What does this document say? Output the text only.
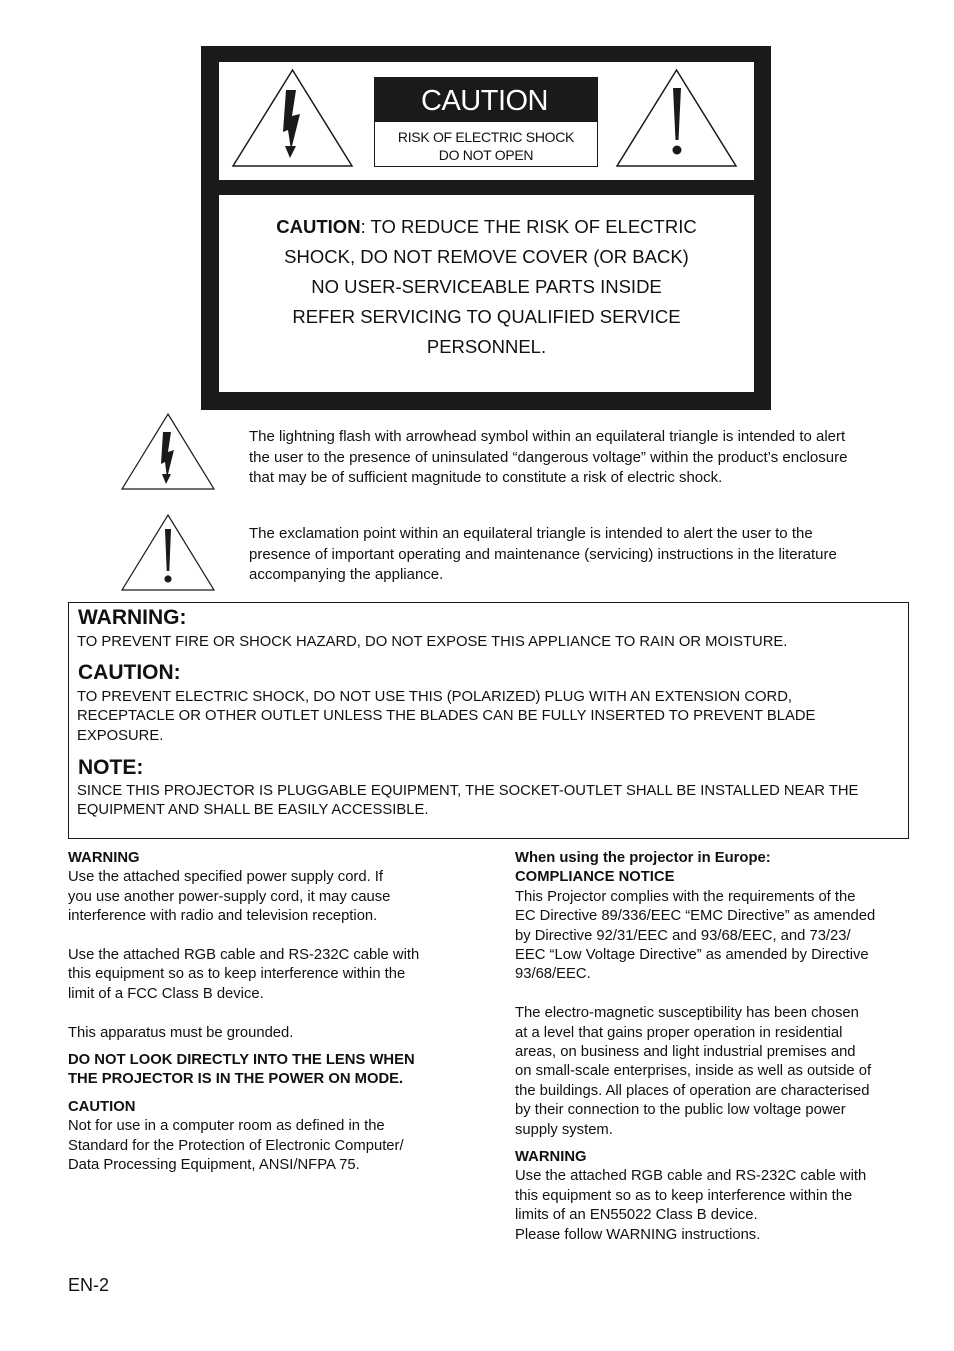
CAUTION
RISK OF ELECTRIC SHOCK
DO NOT OPEN
CAUTION: TO REDUCE THE RISK OF ELECTRIC
SHOCK, DO NOT REMOVE COVER (OR BACK)
NO USER-SERVICEABLE PARTS INSIDE
REFER SERVICING TO QUALIFIED SERVICE
PERSONNEL.
The lightning flash with arrowhead symbol within an equilateral triangle is intended to alert
the user to the presence of uninsulated “dangerous voltage” within the product’s enclosure
that may be of sufficient magnitude to constitute a risk of electric shock.
The exclamation point within an equilateral triangle is intended to alert the user to the
presence of important operating and maintenance (servicing) instructions in the literature
accompanying the appliance.
WARNING:
TO PREVENT FIRE OR SHOCK HAZARD, DO NOT EXPOSE THIS APPLIANCE TO RAIN OR MOISTURE.
CAUTION:
TO PREVENT ELECTRIC SHOCK, DO NOT USE THIS (POLARIZED) PLUG WITH AN EXTENSION CORD,
RECEPTACLE OR OTHER OUTLET UNLESS THE BLADES CAN BE FULLY INSERTED TO PREVENT BLADE
EXPOSURE.
NOTE:
SINCE THIS PROJECTOR IS PLUGGABLE EQUIPMENT, THE SOCKET-OUTLET SHALL BE INSTALLED NEAR THE
EQUIPMENT AND SHALL BE EASILY ACCESSIBLE.

WARNING

Use the attached specified power supply cord. If

you use another power-supply cord, it may cause

interference with radio and television reception.

Use the attached RGB cable and RS-232C cable with

this equipment so as to keep interference within the

limit of a FCC Class B device.

This apparatus must be grounded.

DO NOT LOOK DIRECTLY INTO THE LENS WHEN

THE PROJECTOR IS IN THE POWER ON MODE.

CAUTION

Not for use in a computer room as defined in the

Standard for the Protection of Electronic Computer/

Data Processing Equipment, ANSI/NFPA 75.

When using the projector in Europe:

COMPLIANCE NOTICE

This Projector complies with the requirements of the

EC Directive 89/336/EEC “EMC Directive” as amended

by Directive 92/31/EEC and 93/68/EEC, and 73/23/

EEC “Low Voltage Directive” as amended by Directive

93/68/EEC.

The electro-magnetic susceptibility has been chosen

at a level that gains proper operation in residential

areas, on business and light industrial premises and

on small-scale enterprises, inside as well as outside of

the buildings. All places of operation are characterised

by their connection to the public low voltage power

supply system.

WARNING

Use the attached RGB cable and RS-232C cable with

this equipment so as to keep interference within the

limits of an EN55022 Class B device.

Please follow WARNING instructions.

EN-2
